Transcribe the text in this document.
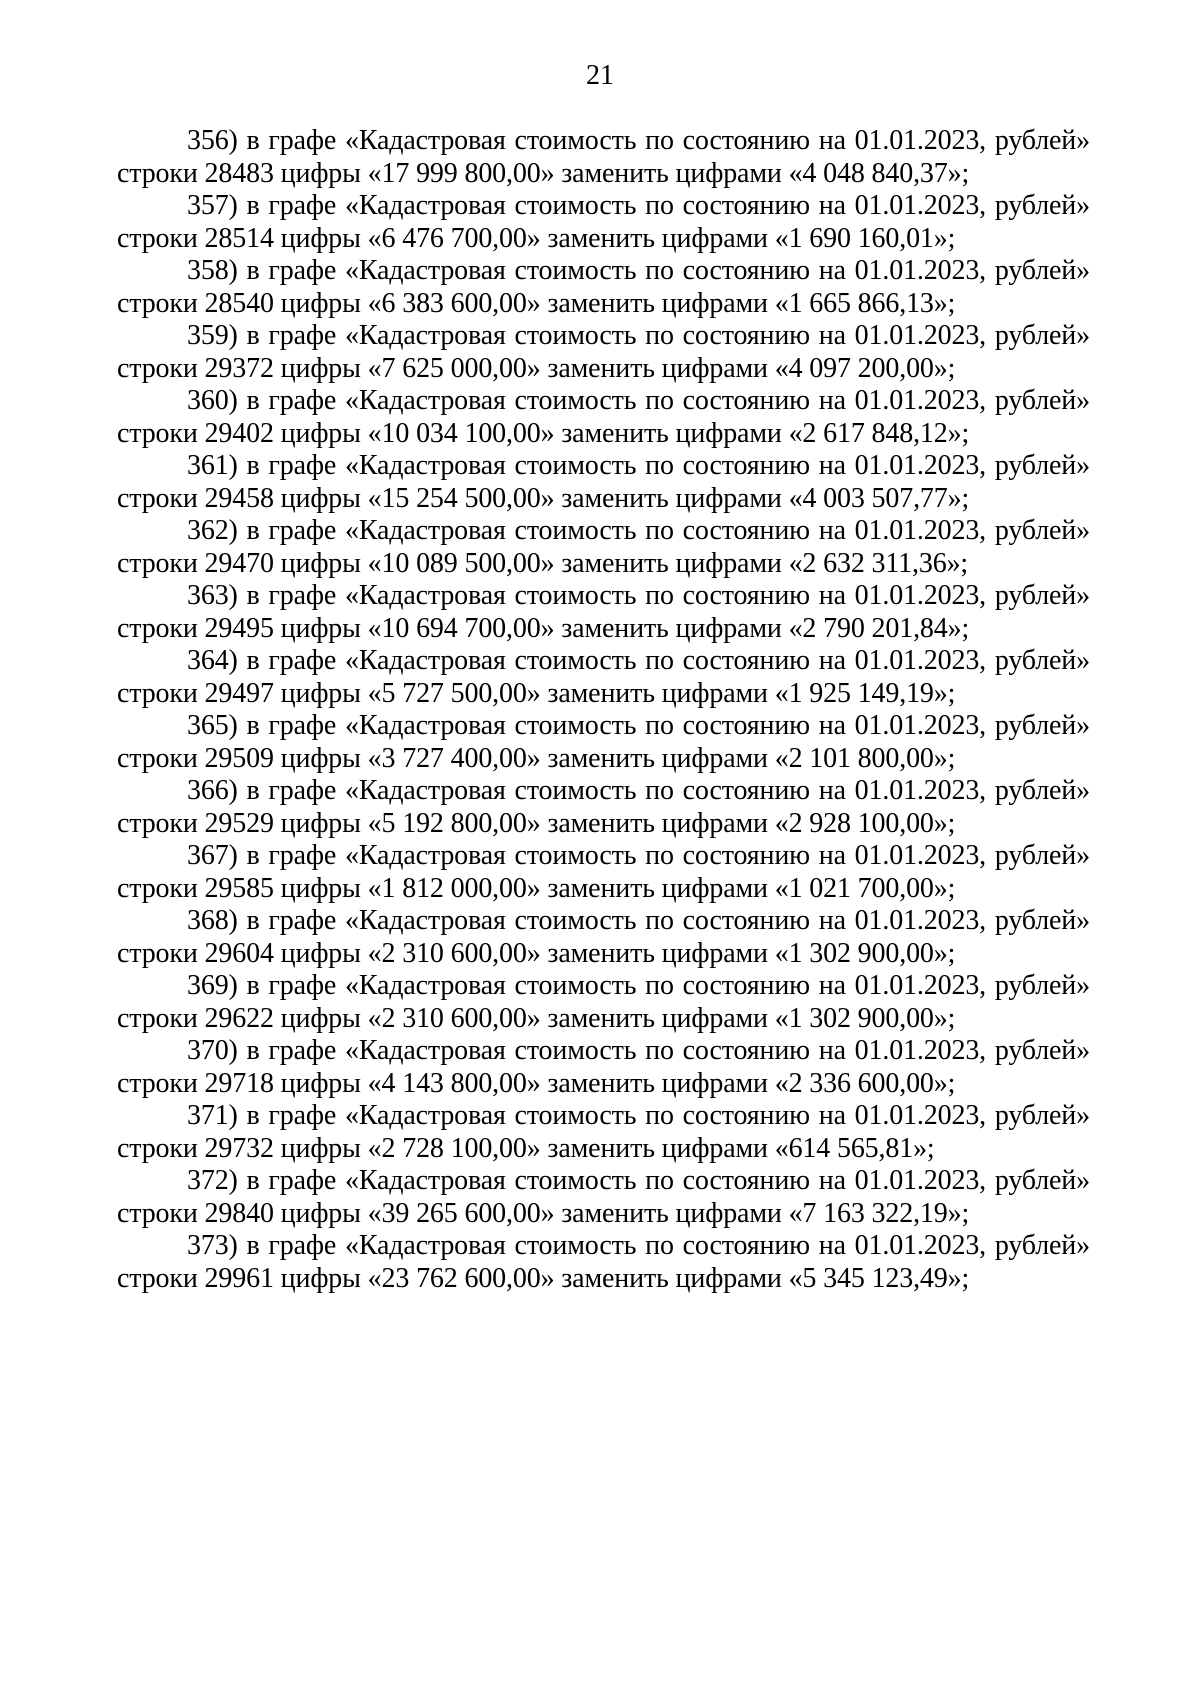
21

356) в графе «Кадастровая стоимость по состоянию на 01.01.2023, рублей» строки 28483 цифры «17 999 800,00» заменить цифрами «4 048 840,37»;

357) в графе «Кадастровая стоимость по состоянию на 01.01.2023, рублей» строки 28514 цифры «6 476 700,00» заменить цифрами «1 690 160,01»;

358) в графе «Кадастровая стоимость по состоянию на 01.01.2023, рублей» строки 28540 цифры «6 383 600,00» заменить цифрами «1 665 866,13»;

359) в графе «Кадастровая стоимость по состоянию на 01.01.2023, рублей» строки 29372 цифры «7 625 000,00» заменить цифрами «4 097 200,00»;

360) в графе «Кадастровая стоимость по состоянию на 01.01.2023, рублей» строки 29402 цифры «10 034 100,00» заменить цифрами «2 617 848,12»;

361) в графе «Кадастровая стоимость по состоянию на 01.01.2023, рублей» строки 29458 цифры «15 254 500,00» заменить цифрами «4 003 507,77»;

362) в графе «Кадастровая стоимость по состоянию на 01.01.2023, рублей» строки 29470 цифры «10 089 500,00» заменить цифрами «2 632 311,36»;

363) в графе «Кадастровая стоимость по состоянию на 01.01.2023, рублей» строки 29495 цифры «10 694 700,00» заменить цифрами «2 790 201,84»;

364) в графе «Кадастровая стоимость по состоянию на 01.01.2023, рублей» строки 29497 цифры «5 727 500,00» заменить цифрами «1 925 149,19»;

365) в графе «Кадастровая стоимость по состоянию на 01.01.2023, рублей» строки 29509 цифры «3 727 400,00» заменить цифрами «2 101 800,00»;

366) в графе «Кадастровая стоимость по состоянию на 01.01.2023, рублей» строки 29529 цифры «5 192 800,00» заменить цифрами «2 928 100,00»;

367) в графе «Кадастровая стоимость по состоянию на 01.01.2023, рублей» строки 29585 цифры «1 812 000,00» заменить цифрами «1 021 700,00»;

368) в графе «Кадастровая стоимость по состоянию на 01.01.2023, рублей» строки 29604 цифры «2 310 600,00» заменить цифрами «1 302 900,00»;

369) в графе «Кадастровая стоимость по состоянию на 01.01.2023, рублей» строки 29622 цифры «2 310 600,00» заменить цифрами «1 302 900,00»;

370) в графе «Кадастровая стоимость по состоянию на 01.01.2023, рублей» строки 29718 цифры «4 143 800,00» заменить цифрами «2 336 600,00»;

371) в графе «Кадастровая стоимость по состоянию на 01.01.2023, рублей» строки 29732 цифры «2 728 100,00» заменить цифрами «614 565,81»;

372) в графе «Кадастровая стоимость по состоянию на 01.01.2023, рублей» строки 29840 цифры «39 265 600,00» заменить цифрами «7 163 322,19»;

373) в графе «Кадастровая стоимость по состоянию на 01.01.2023, рублей» строки 29961 цифры «23 762 600,00» заменить цифрами «5 345 123,49»;
